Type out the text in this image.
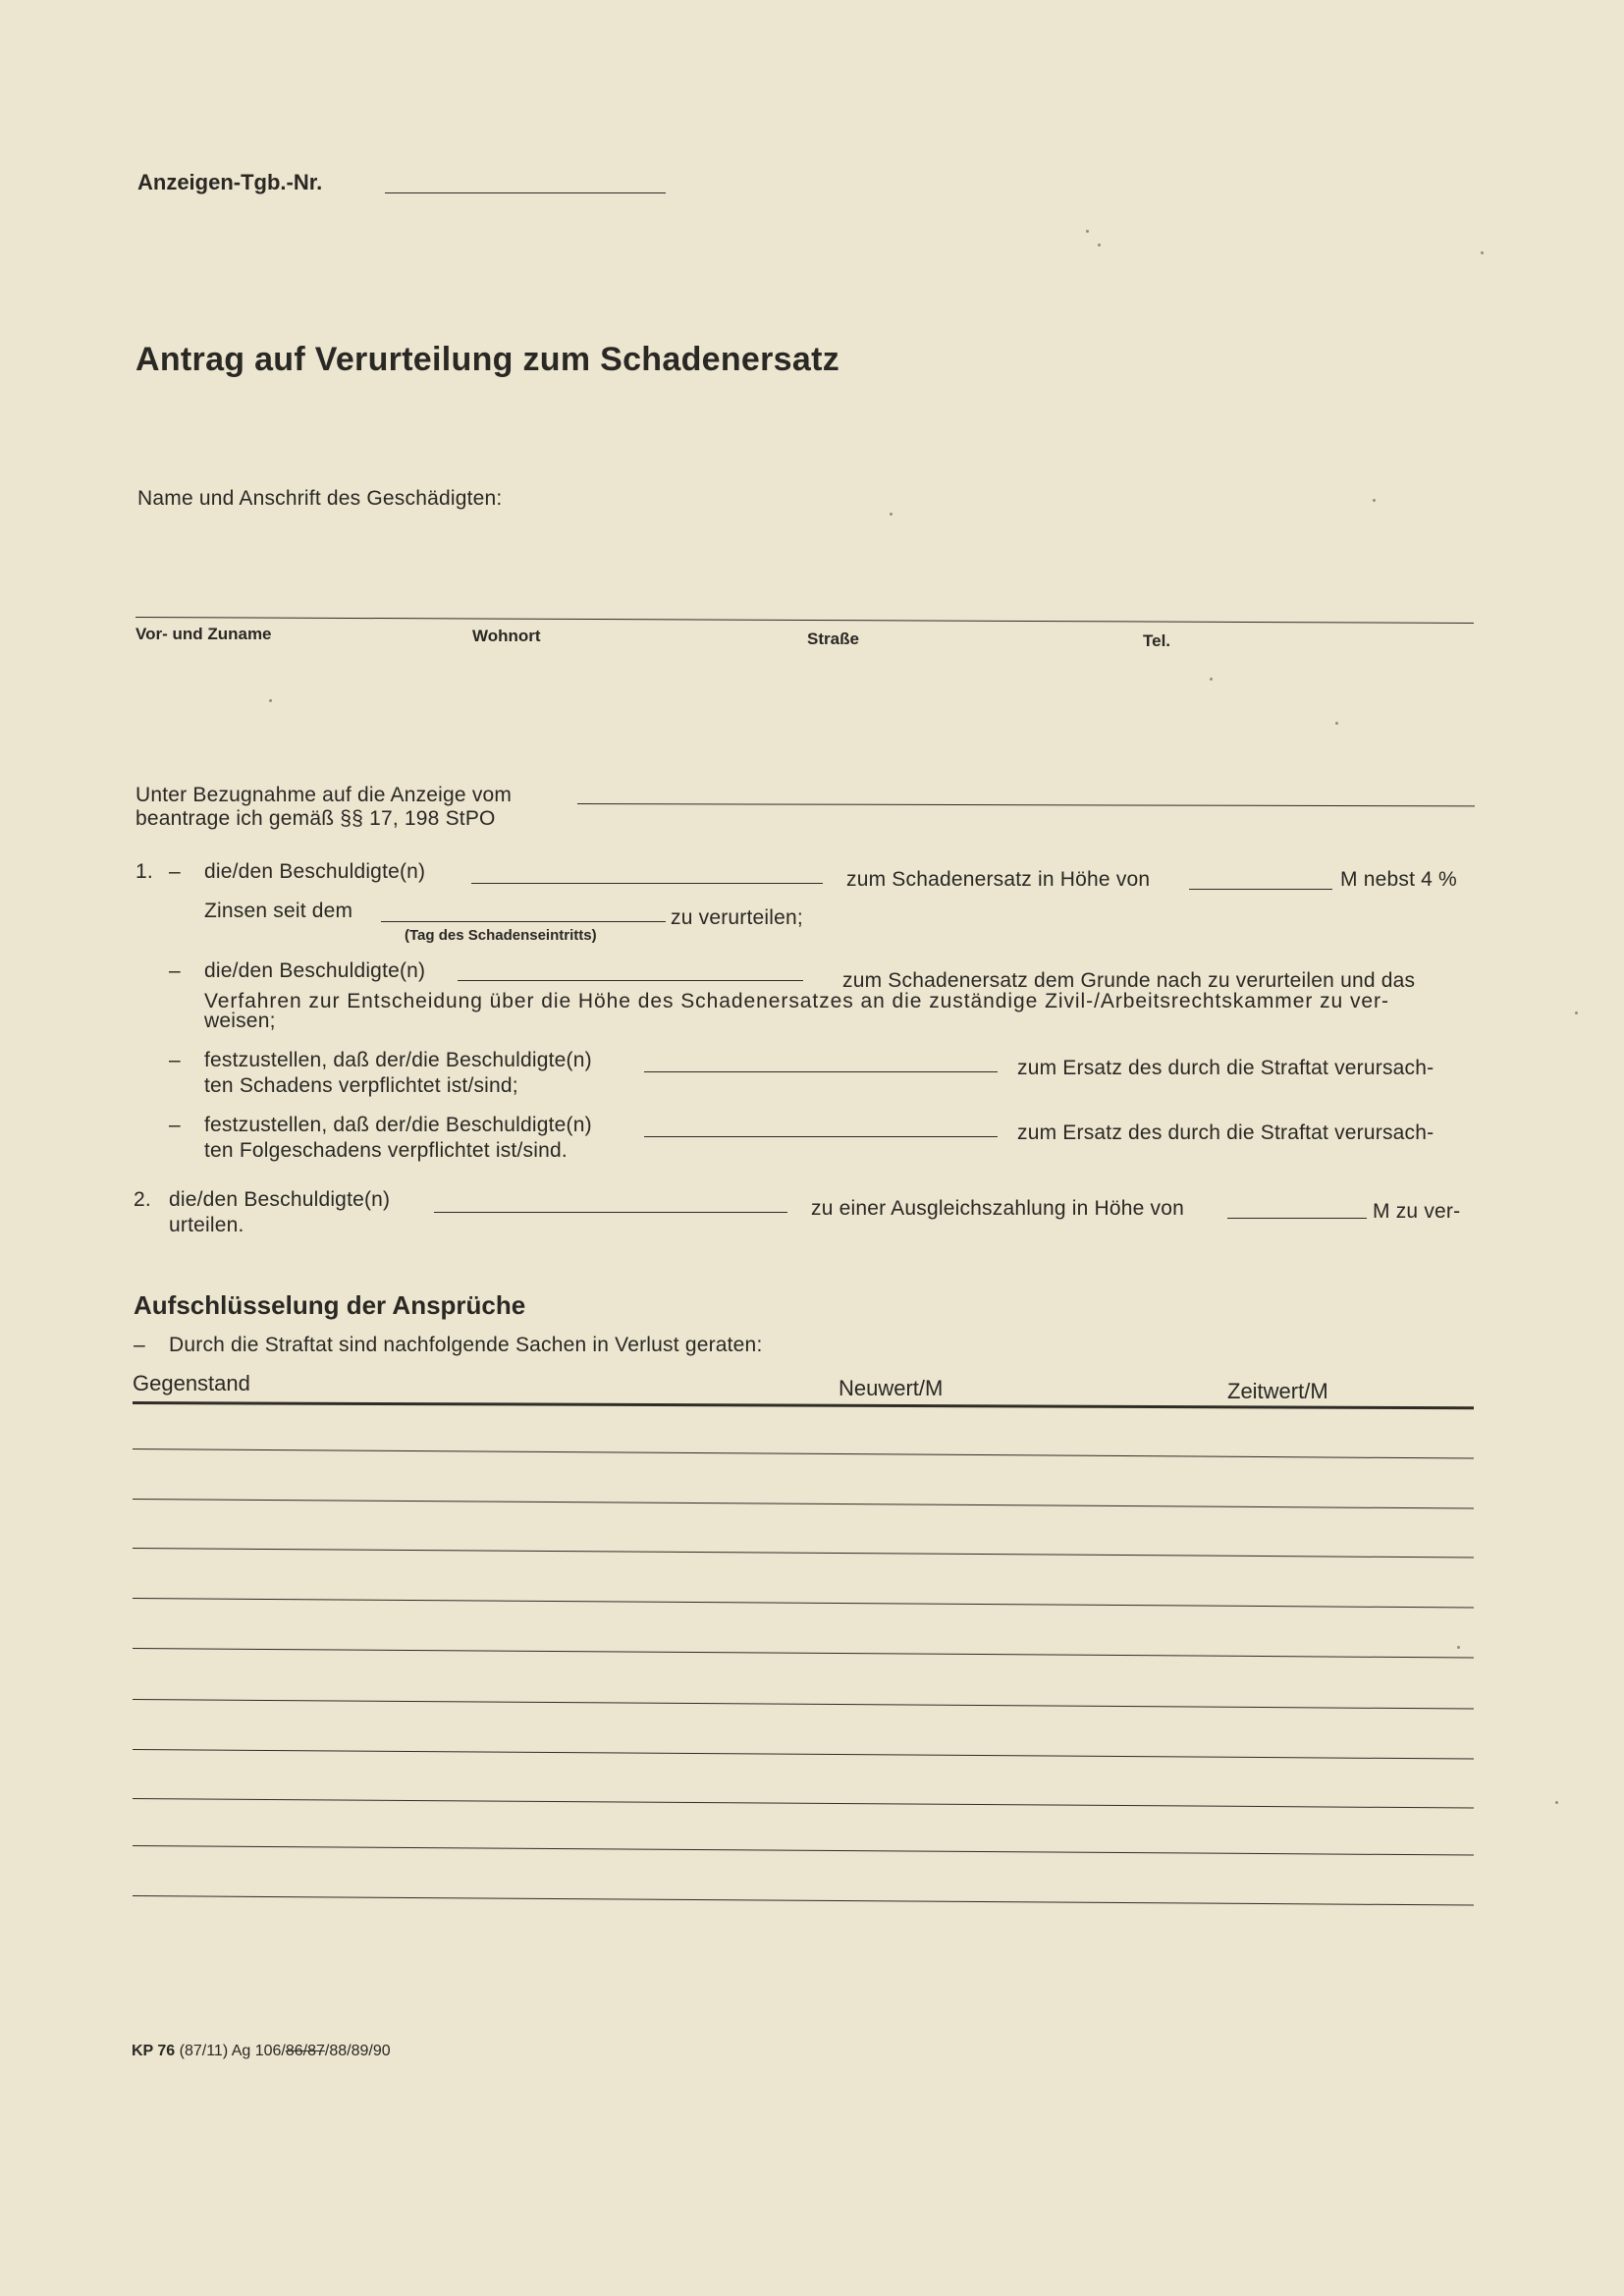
Anzeigen-Tgb.-Nr.
Antrag auf Verurteilung zum Schadenersatz
Name und Anschrift des Geschädigten:
Vor- und Zuname	Wohnort	Straße	Tel.
Unter Bezugnahme auf die Anzeige vom
beantrage ich gemäß §§ 17, 198 StPO
1. – die/den Beschuldigte(n)	zum Schadenersatz in Höhe von	M nebst 4 %
Zinsen seit dem
(Tag des Schadenseintritts)
zu verurteilen;
– die/den Beschuldigte(n)	zum Schadenersatz dem Grunde nach zu verurteilen und das
Verfahren zur Entscheidung über die Höhe des Schadenersatzes an die zuständige Zivil-/Arbeitsrechtskammer zu ver-
weisen;
– festzustellen, daß der/die Beschuldigte(n)	zum Ersatz des durch die Straftat verursach-
ten Schadens verpflichtet ist/sind;
– festzustellen, daß der/die Beschuldigte(n)	zum Ersatz des durch die Straftat verursach-
ten Folgeschadens verpflichtet ist/sind.
2. die/den Beschuldigte(n)	zu einer Ausgleichszahlung in Höhe von	M zu ver-
urteilen.
Aufschlüsselung der Ansprüche
– Durch die Straftat sind nachfolgende Sachen in Verlust geraten:
Gegenstand	Neuwert/M	Zeitwert/M
KP 76 (87/11) Ag 106/86/87/88/89/90
